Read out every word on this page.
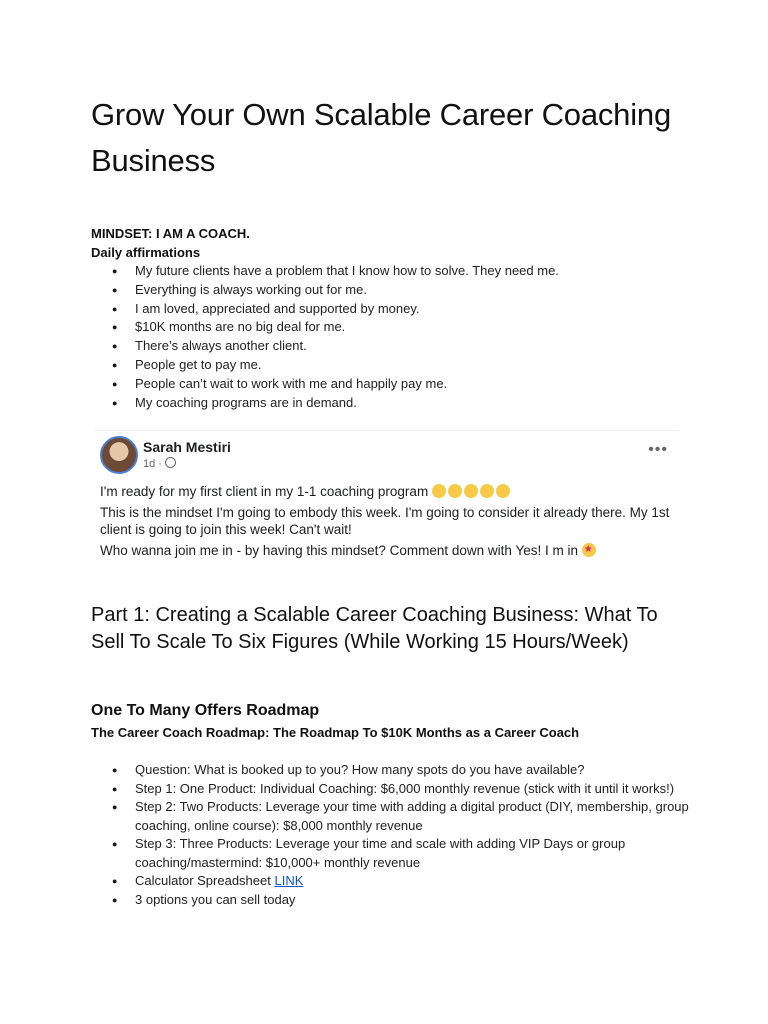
Grow Your Own Scalable Career Coaching Business
MINDSET: I AM A COACH.
Daily affirmations
● My future clients have a problem that I know how to solve. They need me.
● Everything is always working out for me.
● I am loved, appreciated and supported by money.
● $10K months are no big deal for me.
● There’s always another client.
● People get to pay me.
● People can’t wait to work with me and happily pay me.
● My coaching programs are in demand.
Sarah Mestiri
1d ·
•••

I'm ready for my first client in my 1-1 coaching program

This is the mindset I'm going to embody this week. I'm going to consider it already there. My 1st client is going to join this week! Can't wait!

Who wanna join me in - by having this mindset? Comment down with Yes! I m in ★

Part 1: Creating a Scalable Career Coaching Business: What To Sell To Scale To Six Figures (While Working 15 Hours/Week)
One To Many Offers Roadmap
The Career Coach Roadmap: The Roadmap To $10K Months as a Career Coach
● Question: What is booked up to you? How many spots do you have available?
● Step 1: One Product: Individual Coaching: $6,000 monthly revenue (stick with it until it works!)
● Step 2: Two Products: Leverage your time with adding a digital product (DIY, membership, group coaching, online course): $8,000 monthly revenue
● Step 3: Three Products: Leverage your time and scale with adding VIP Days or group coaching/mastermind: $10,000+ monthly revenue
● Calculator Spreadsheet LINK
● 3 options you can sell today
